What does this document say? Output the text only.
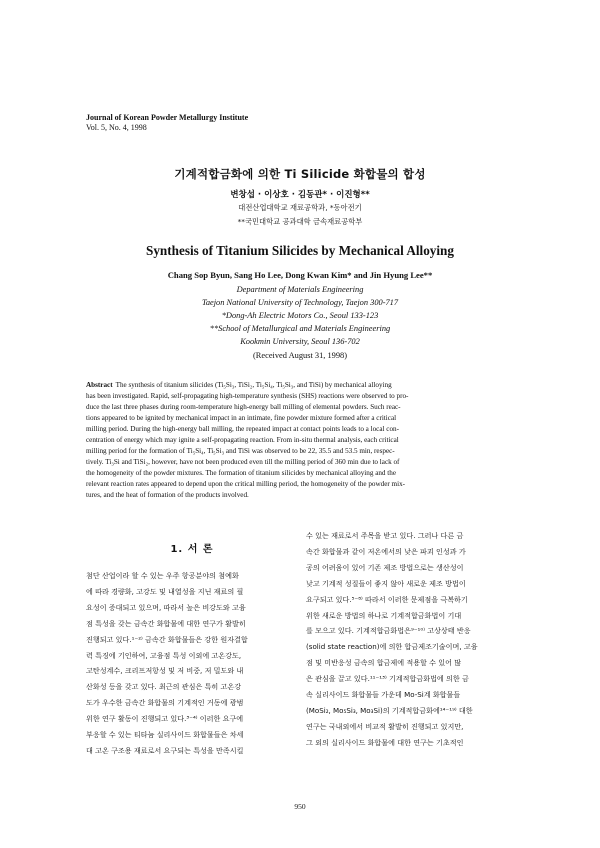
Journal of Korean Powder Metallurgy Institute
Vol. 5, No. 4, 1998
기계적합금화에 의한 Ti Silicide 화합물의 합성
변창섭 · 이상호 · 김동관* · 이진형**
대전산업대학교 재료공학과, *동아전기
**국민대학교 공과대학 금속재료공학부
Synthesis of Titanium Silicides by Mechanical Alloying
Chang Sop Byun, Sang Ho Lee, Dong Kwan Kim* and Jin Hyung Lee**
Department of Materials Engineering
Taejon National University of Technology, Taejon 300-717
*Dong-Ah Electric Motors Co., Seoul 133-123
**School of Metallurgical and Materials Engineering
Kookmin University, Seoul 136-702
(Received August 31, 1998)
Abstract The synthesis of titanium silicides (Ti₅Si₃, TiSi₂, Ti₅Si₄, Ti₅Si₃, and TiSi) by mechanical alloying
has been investigated. Rapid, self-propagating high-temperature synthesis (SHS) reactions were observed to pro-
duce the last three phases during room-temperature high-energy ball milling of elemental powders. Such reac-
tions appeared to be ignited by mechanical impact in an intimate, fine powder mixture formed after a critical
milling period. During the high-energy ball milling, the repeated impact at contact points leads to a local con-
centration of energy which may ignite a self-propagating reaction. From in-situ thermal analysis, each critical
milling period for the formation of Ti₅Si₄, Ti₅Si₃ and TiSi was observed to be 22, 35.5 and 53.5 min, respec-
tively. Ti₃Si and TiSi₂, however, have not been produced even till the milling period of 360 min due to lack of
the homogeneity of the powder mixtures. The formation of titanium silicides by mechanical alloying and the
relevant reaction rates appeared to depend upon the critical milling period, the homogeneity of the powder mix-
tures, and the heat of formation of the products involved.
1. 서 론
첨단 산업이라 할 수 있는 우주 항공분야의 첨예화
에 따라 경량화, 고강도 및 내열성을 지닌 재료의 필
요성이 증대되고 있으며, 따라서 높은 비강도와 고융
점 특성을 갖는 금속간 화합물에 대한 연구가 활발히
진행되고 있다.¹⁻²⁾ 금속간 화합물들은 강한 원자결합
력 특징에 기인하여, 고융점 특성 이외에 고온강도,
고탄성계수, 크리프저항성 및 저 비중, 저 밀도와 내
산화성 등을 갖고 있다. 최근의 관심은 특히 고온강
도가 우수한 금속간 화합물의 기계적인 거동에 광범
위한 연구 활동이 진행되고 있다.³⁻⁴⁾ 이러한 요구에
부응할 수 있는 티타늄 실리사이드 화합물들은 차세
대 고온 구조용 재료로서 요구되는 특성을 만족시킬
수 있는 재료로서 주목을 받고 있다. 그러나 다른 금
속간 화합물과 같이 저온에서의 낮은 파괴 인성과 가
공의 어려움이 있어 기존 제조 방법으로는 생산성이
낮고 기계적 성질들이 좋지 않아 새로운 제조 방법이
요구되고 있다.⁵⁻⁸⁾ 따라서 이러한 문제점을 극복하기
위한 새로운 방법의 하나로 기계적합금화법이 기대
를 모으고 있다. 기계적합금화법은⁹⁻¹⁰⁾ 고상상태 반응
(solid state reaction)에 의한 합금제조기술이며, 고융
점 및 미반응성 금속의 합금제에 적용할 수 있어 많
은 관심을 끌고 있다.¹¹⁻¹³⁾ 기계적합금화법에 의한 금
속 실리사이드 화합물들 가운데 Mo-Si계 화합물들
(MoSi₂, Mo₅Si₃, Mo₃Si)의 기계적합금화에¹⁴⁻¹⁹⁾ 대한
연구는 국내외에서 비교적 활발히 진행되고 있지만,
그 외의 실리사이드 화합물에 대한 연구는 기초적인
950
